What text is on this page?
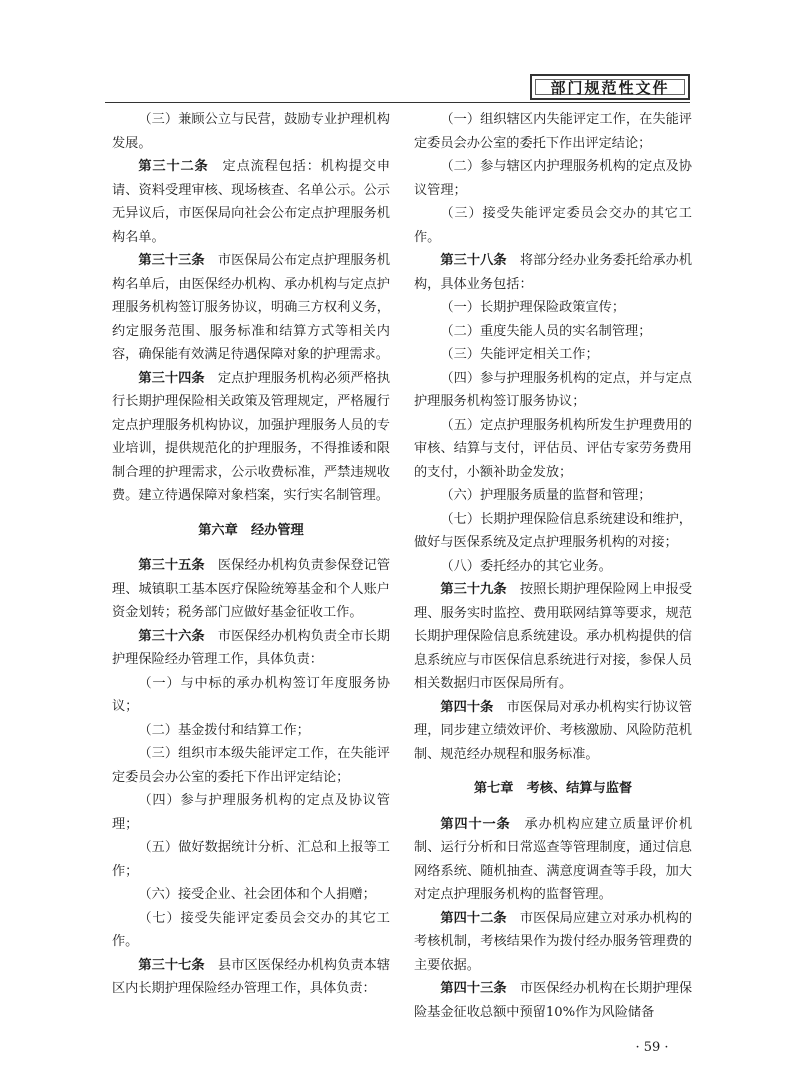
部门规范性文件

（三）兼顾公立与民营，鼓励专业护理机构发展。

第三十二条　 定点流程包括：机构提交申请、资料受理审核、现场核查、名单公示。公示无异议后，市医保局向社会公布定点护理服务机构名单。

第三十三条　 市医保局公布定点护理服务机构名单后，由医保经办机构、承办机构与定点护理服务机构签订服务协议，明确三方权利义务，约定服务范围、服务标准和结算方式等相关内容，确保能有效满足待遇保障对象的护理需求。

第三十四条　 定点护理服务机构必须严格执行长期护理保险相关政策及管理规定，严格履行定点护理服务机构协议，加强护理服务人员的专业培训，提供规范化的护理服务，不得推诿和限制合理的护理需求，公示收费标准，严禁违规收费。建立待遇保障对象档案，实行实名制管理。

第六章　经办管理

第三十五条　 医保经办机构负责参保登记管理、城镇职工基本医疗保险统筹基金和个人账户资金划转；税务部门应做好基金征收工作。

第三十六条　 市医保经办机构负责全市长期护理保险经办管理工作，具体负责：

（一）与中标的承办机构签订年度服务协议；

（二）基金拨付和结算工作；

（三）组织市本级失能评定工作，在失能评定委员会办公室的委托下作出评定结论；

（四）参与护理服务机构的定点及协议管理；

（五）做好数据统计分析、汇总和上报等工作；

（六）接受企业、社会团体和个人捐赠；

（七）接受失能评定委员会交办的其它工作。

第三十七条　 县市区医保经办机构负责本辖区内长期护理保险经办管理工作，具体负责：

（一）组织辖区内失能评定工作，在失能评定委员会办公室的委托下作出评定结论；

（二）参与辖区内护理服务机构的定点及协议管理；

（三）接受失能评定委员会交办的其它工作。

第三十八条　 将部分经办业务委托给承办机构，具体业务包括：

（一）长期护理保险政策宣传；

（二）重度失能人员的实名制管理；

（三）失能评定相关工作；

（四）参与护理服务机构的定点，并与定点护理服务机构签订服务协议；

（五）定点护理服务机构所发生护理费用的审核、结算与支付，评估员、评估专家劳务费用的支付，小额补助金发放；

（六）护理服务质量的监督和管理；

（七）长期护理保险信息系统建设和维护，做好与医保系统及定点护理服务机构的对接；

（八）委托经办的其它业务。

第三十九条　 按照长期护理保险网上申报受理、服务实时监控、费用联网结算等要求，规范长期护理保险信息系统建设。承办机构提供的信息系统应与市医保信息系统进行对接，参保人员相关数据归市医保局所有。

第四十条　 市医保局对承办机构实行协议管理，同步建立绩效评价、考核激励、风险防范机制、规范经办规程和服务标准。

第七章　考核、结算与监督

第四十一条　 承办机构应建立质量评价机制、运行分析和日常巡查等管理制度，通过信息网络系统、随机抽查、满意度调查等手段，加大对定点护理服务机构的监督管理。

第四十二条　 市医保局应建立对承办机构的考核机制，考核结果作为拨付经办服务管理费的主要依据。

第四十三条　 市医保经办机构在长期护理保险基金征收总额中预留10%作为风险储备

· 59 ·
